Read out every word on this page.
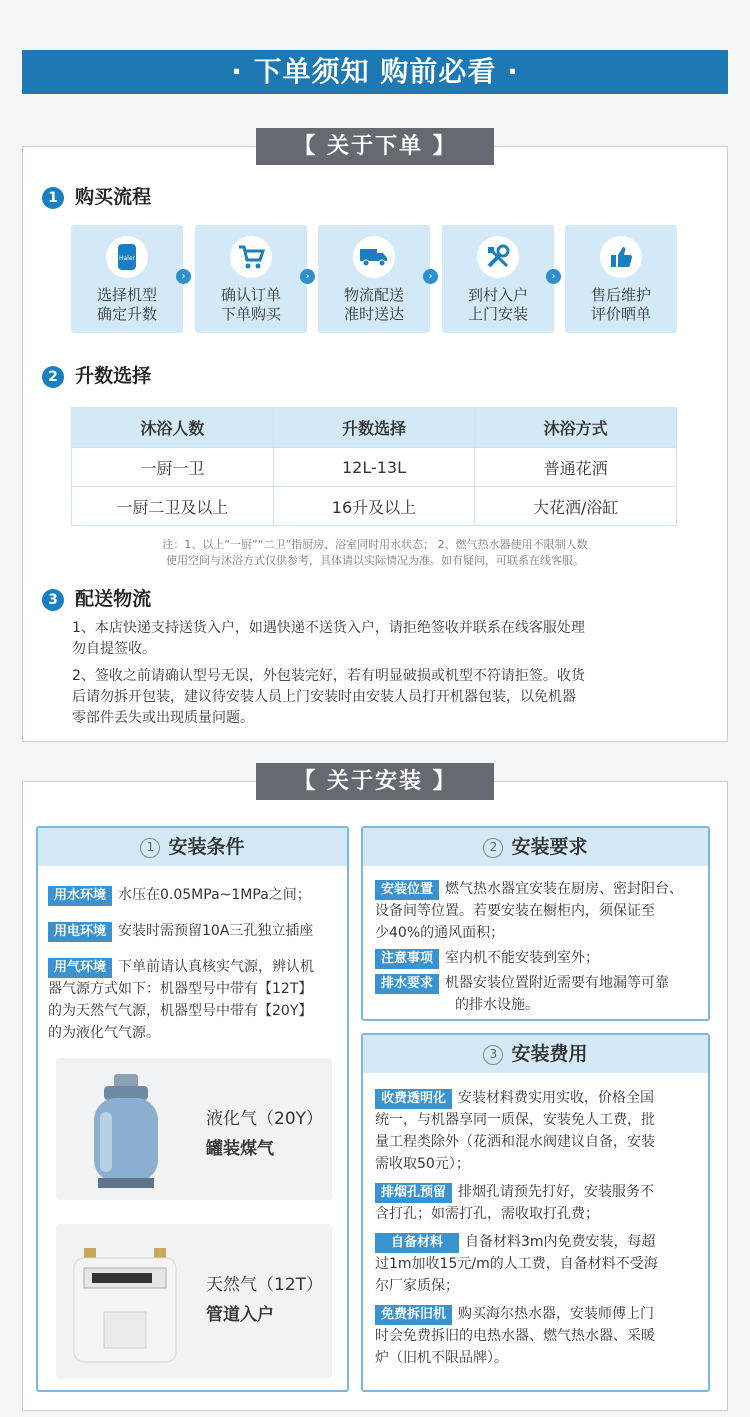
· 下单须知 购前必看 ·
【 关于下单 】
1 购买流程
Haier
选择机型
确定升数
›
确认订单
下单购买
›
物流配送
准时送达
›
到村入户
上门安装
›
售后维护
评价晒单
2 升数选择
沐浴人数	升数选择	沐浴方式
一厨一卫	12L-13L	普通花洒
一厨二卫及以上	16升及以上	大花洒/浴缸
注：1、以上“一厨”“二卫”指厨房、浴室同时用水状态； 2、燃气热水器使用不限制人数
使用空间与沐浴方式仅供参考，具体请以实际情况为准。如有疑问，可联系在线客服。
3 配送物流
1、本店快递支持送货入户，如遇快递不送货入户，请拒绝签收并联系在线客服处理
勿自提签收。
2、签收之前请确认型号无误，外包装完好，若有明显破损或机型不符请拒签。收货
后请勿拆开包装，建议待安装人员上门安装时由安装人员打开机器包装，以免机器
零部件丢失或出现质量问题。
【 关于安装 】
1 安装条件
用水环境 水压在0.05MPa~1MPa之间；
用电环境 安装时需预留10A三孔独立插座
用气环境 下单前请认真核实气源，辨认机
器气源方式如下：机器型号中带有【12T】
的为天然气气源，机器型号中带有【20Y】
的为液化气气源。
液化气（20Y）
罐装煤气
天然气（12T）
管道入户
2 安装要求
安装位置 燃气热水器宜安装在厨房、密封阳台、
设备间等位置。若要安装在橱柜内，须保证至
少40%的通风面积；
注意事项 室内机不能安装到室外；
排水要求 机器安装位置附近需要有地漏等可靠
的排水设施。
3 安装费用
收费透明化 安装材料费实用实收，价格全国
统一，与机器享同一质保，安装免人工费，批
量工程类除外（花洒和混水阀建议自备，安装
需收取50元）；
排烟孔预留 排烟孔请预先打好，安装服务不
含打孔；如需打孔，需收取打孔费；
自备材料 自备材料3m内免费安装，每超
过1m加收15元/m的人工费，自备材料不受海
尔厂家质保；
免费拆旧机 购买海尔热水器，安装师傅上门
时会免费拆旧的电热水器、燃气热水器、采暖
炉（旧机不限品牌）。
